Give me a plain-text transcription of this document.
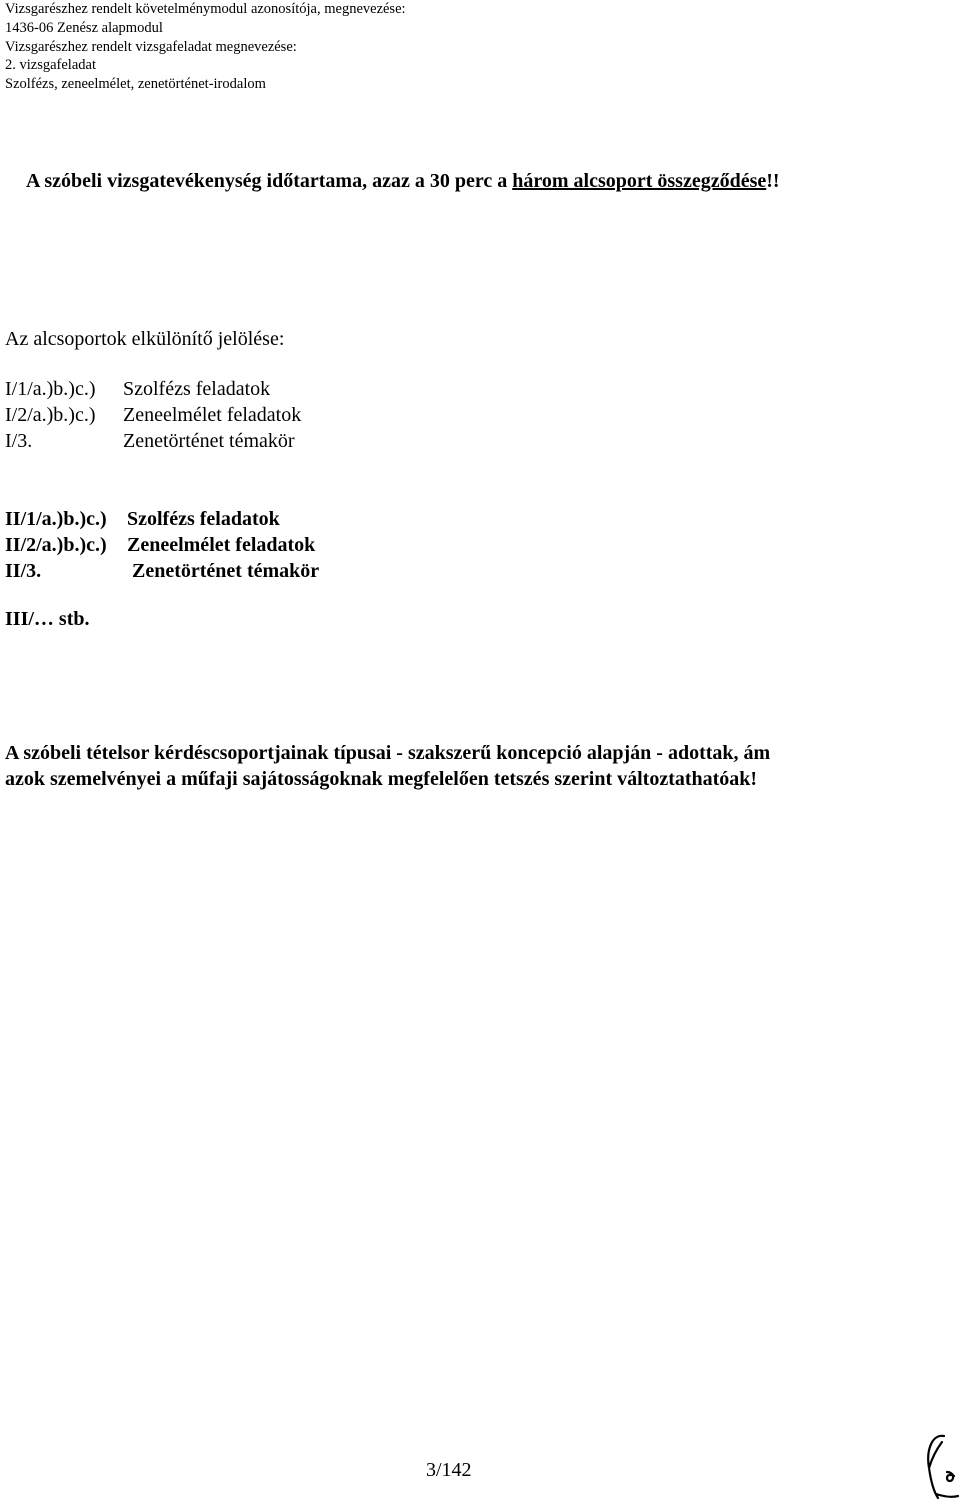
Vizsgarészhez rendelt követelménymodul azonosítója, megnevezése:
1436-06 Zenész alapmodul
Vizsgarészhez rendelt vizsgafeladat megnevezése:
2. vizsgafeladat
Szolfézs, zeneelmélet, zenetörténet-irodalom
A szóbeli vizsgatevékenység időtartama, azaz a 30 perc a három alcsoport összegződése!!
Az alcsoportok elkülönítő jelölése:
I/1/a.)b.)c.)	Szolfézs feladatok
I/2/a.)b.)c.)	Zeneelmélet feladatok
I/3.	Zenetörténet témakör
II/1/a.)b.)c.)	Szolfézs feladatok
II/2/a.)b.)c.)	Zeneelmélet feladatok
II/3.	Zenetörténet témakör
III/… stb.
A szóbeli tételsor kérdéscsoportjainak típusai - szakszerű koncepció alapján - adottak, ám
azok szemelvényei a műfaji sajátosságoknak megfelelően tetszés szerint változtathatóak!
3/142
